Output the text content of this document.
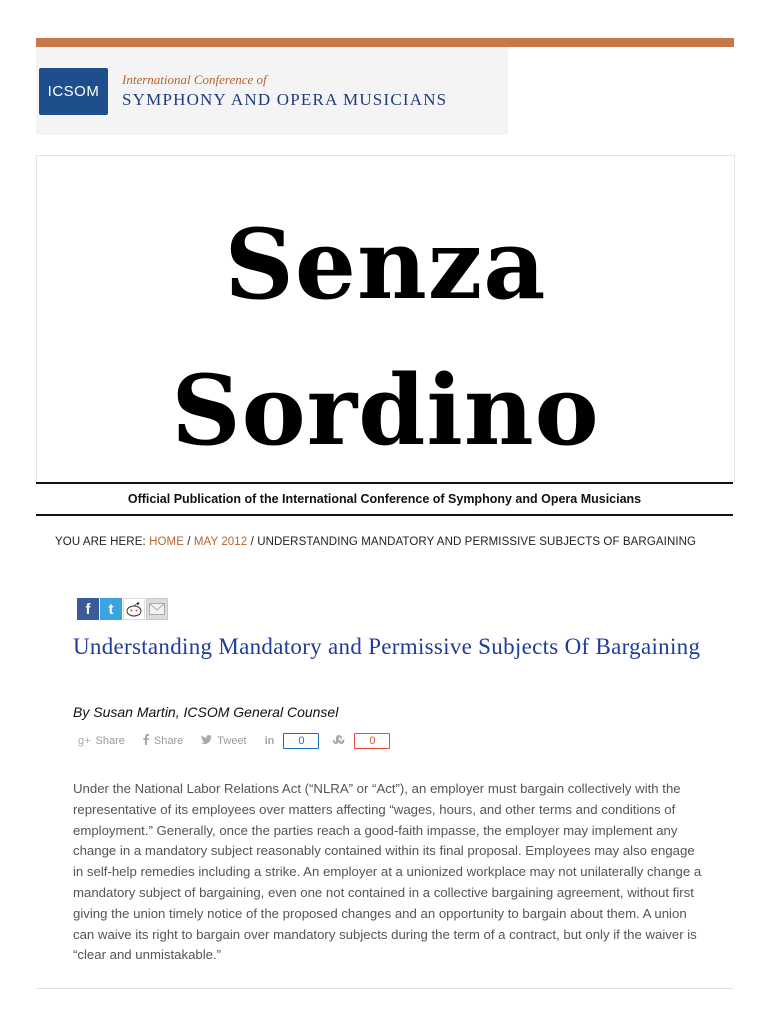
ICSOM
International Conference of
SYMPHONY AND OPERA MUSICIANS
Senza
Sordino
Official Publication of the International Conference of Symphony and Opera Musicians
YOU ARE HERE: HOME / MAY 2012 / UNDERSTANDING MANDATORY AND PERMISSIVE SUBJECTS OF BARGAINING
f	t
Understanding Mandatory and Permissive Subjects Of Bargaining
By Susan Martin, ICSOM General Counsel
g+ Share	Share	Tweet in	0	0
Under the National Labor Relations Act (“NLRA” or “Act”), an employer must bargain collectively with the representative of its employees over matters affecting “wages, hours, and other terms and conditions of employment.” Generally, once the parties reach a good-faith impasse, the employer may implement any change in a mandatory subject reasonably contained within its final proposal. Employees may also engage in self-help remedies including a strike. An employer at a unionized workplace may not unilaterally change a mandatory subject of bargaining, even one not contained in a collective bargaining agreement, without first giving the union timely notice of the proposed changes and an opportunity to bargain about them. A union can waive its right to bargain over mandatory subjects during the term of a contract, but only if the waiver is “clear and unmistakable.”
